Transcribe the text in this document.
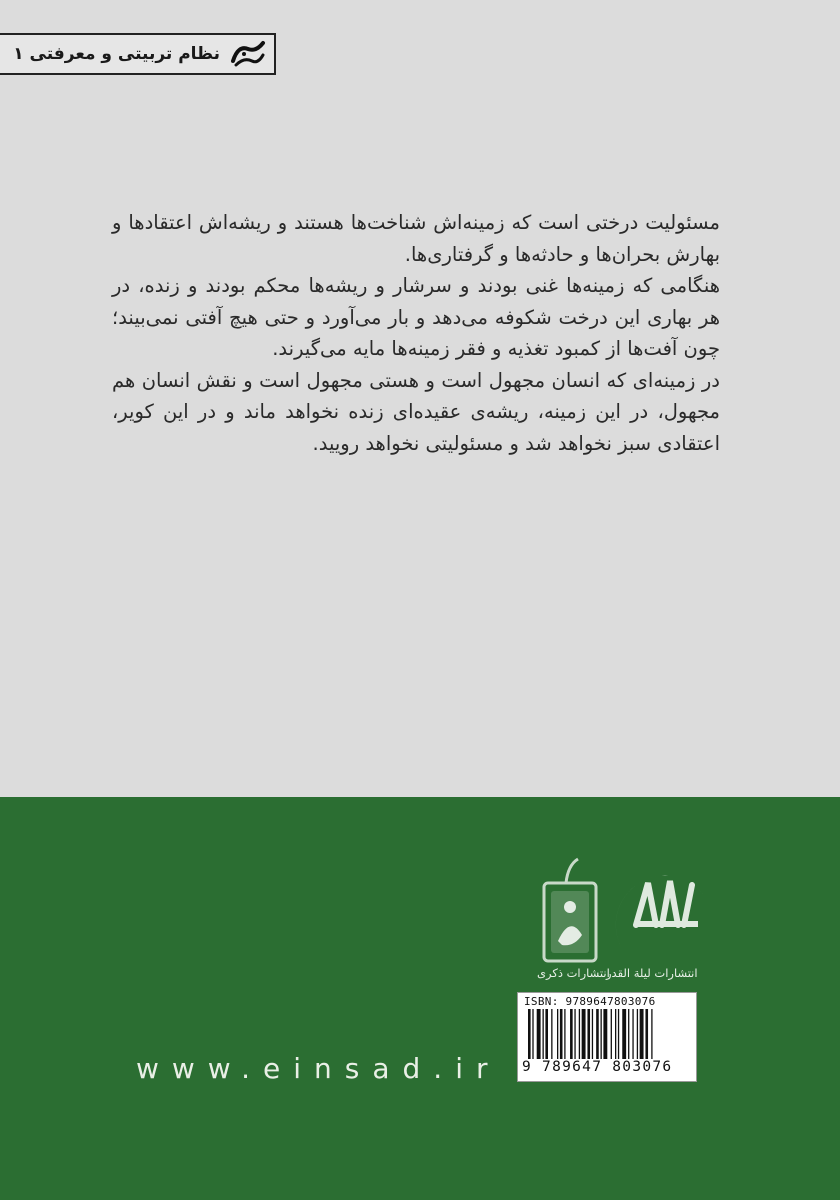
نظام تربیتی و معرفتی ۱

مسئولیت درختی است که زمینه‌اش شناخت‌ها هستند و ریشه‌اش اعتقادها و بهارش بحران‌ها و حادثه‌ها و گرفتاری‌ها.

هنگامی که زمینه‌ها غنی بودند و سرشار و ریشه‌ها محکم بودند و زنده، در هر بهاری این درخت شکوفه می‌دهد و بار می‌آورد و حتی هیچ آفتی نمی‌بیند؛ چون آفت‌ها از کمبود تغذیه و فقر زمینه‌ها مایه می‌گیرند.

در زمینه‌ای که انسان مجهول است و هستی مجهول است و نقش انسان هم مجهول، در این زمینه، ریشه‌ی عقیده‌ای زنده نخواهد ماند و در این کویر، اعتقادی سبز نخواهد شد و مسئولیتی نخواهد رویید.

انتشارات لیلة القدر
انتشارات ذکری
ISBN: 9789647803076
9 789647 803076
www.einsad.ir
